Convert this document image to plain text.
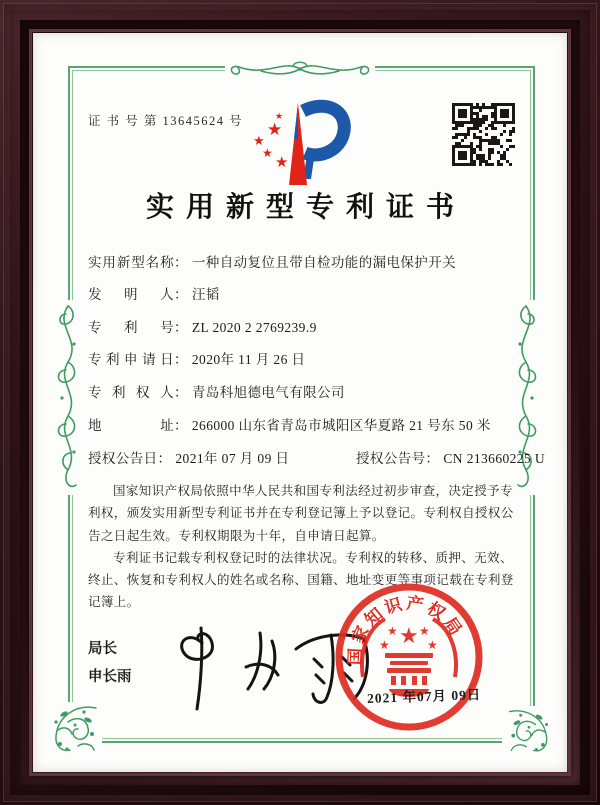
证 书 号 第 13645624 号
★
★
★ ★
★
实用新型专利证书
实用新型名称： 一种自动复位且带自检功能的漏电保护开关
发　明　人： 汪韬
专　利　号： ZL 2020 2 2769239.9
专利申请日： 2020年 11 月 26 日
专 利 权 人： 青岛科旭德电气有限公司
地　　址： 266000 山东省青岛市城阳区华夏路 21 号东 50 米
授权公告日： 2021年 07 月 09 日	授权公告号： CN 213660225 U

国家知识产权局依照中华人民共和国专利法经过初步审查，决定授予专利权，颁发实用新型专利证书并在专利登记簿上予以登记。专利权自授权公告之日起生效。专利权期限为十年，自申请日起算。

专利证书记载专利权登记时的法律状况。专利权的转移、质押、无效、终止、恢复和专利权人的姓名或名称、国籍、地址变更等事项记载在专利登记簿上。

局长
申长雨
国家知识产权局
★
★
★ ★
★
2021 年07月 09日
